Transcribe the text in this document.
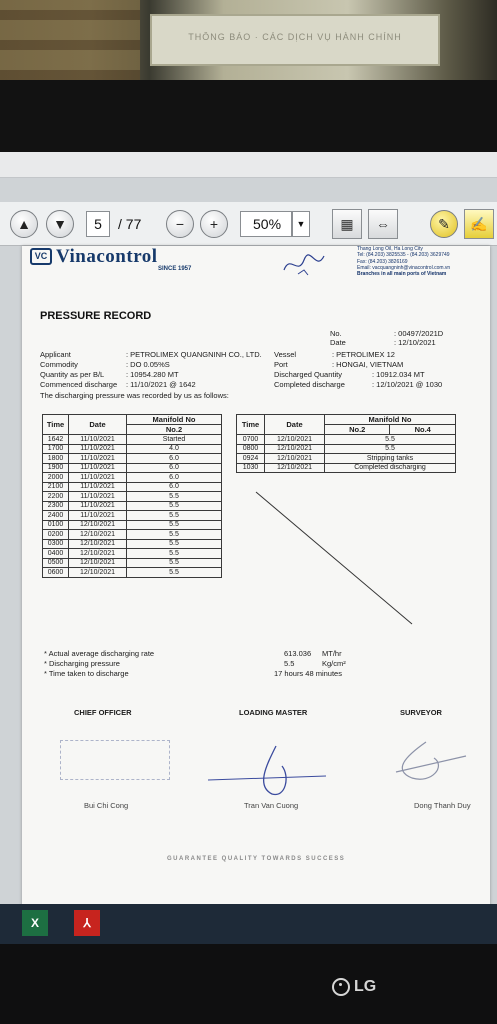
THÔNG BÁO · CÁC DỊCH VỤ HÀNH CHÍNH
▲	▼	5	/ 77	−	+	50%	▼	▦	⇔	✎	✍
VC Vinacontrol
SINCE 1957
Thang Long Oil, Ha Long City
Tel: (84.203) 3825535 - (84.203) 3629749
Fax: (84.203) 3826169
Email: vacquangninh@vinacontrol.com.vn
Branches in all main ports of Vietnam
PRESSURE RECORD
No.	: 00497/2021D
Date	: 12/10/2021
Applicant	: PETROLIMEX QUANGNINH CO., LTD.
Commodity	: DO 0.05%S
Quantity as per B/L	: 10954.280 MT
Commenced discharge : 11/10/2021 @ 1642
Vessel	: PETROLIMEX 12
Port	: HONGAI, VIETNAM
Discharged Quantity	: 10912.034 MT
Completed discharge	: 12/10/2021 @ 1030
The discharging pressure was recorded by us as follows:
Time	Date	Manifold No
		No.2
1642	11/10/2021	Started
1700	11/10/2021	4.0
1800	11/10/2021	6.0
1900	11/10/2021	6.0
2000	11/10/2021	6.0
2100	11/10/2021	6.0
2200	11/10/2021	5.5
2300	11/10/2021	5.5
2400	11/10/2021	5.5
0100	12/10/2021	5.5
0200	12/10/2021	5.5
0300	12/10/2021	5.5
0400	12/10/2021	5.5
0500	12/10/2021	5.5
0600	12/10/2021	5.5
Time	Date	Manifold No	
		No.2	No.4
0700	12/10/2021	5.5	
0800	12/10/2021	5.5	
0924	12/10/2021	Stripping tanks	
1030	12/10/2021	Completed discharging	
* Actual average discharging rate	613.036 MT/hr
* Discharging pressure	5.5	Kg/cm²
* Time taken to discharge	17 hours 48 minutes
CHIEF OFFICER	LOADING MASTER	SURVEYOR
Bui Chi Cong	Tran Van Cuong	Dong Thanh Duy
GUARANTEE QUALITY TOWARDS SUCCESS
X	⅄
LG
